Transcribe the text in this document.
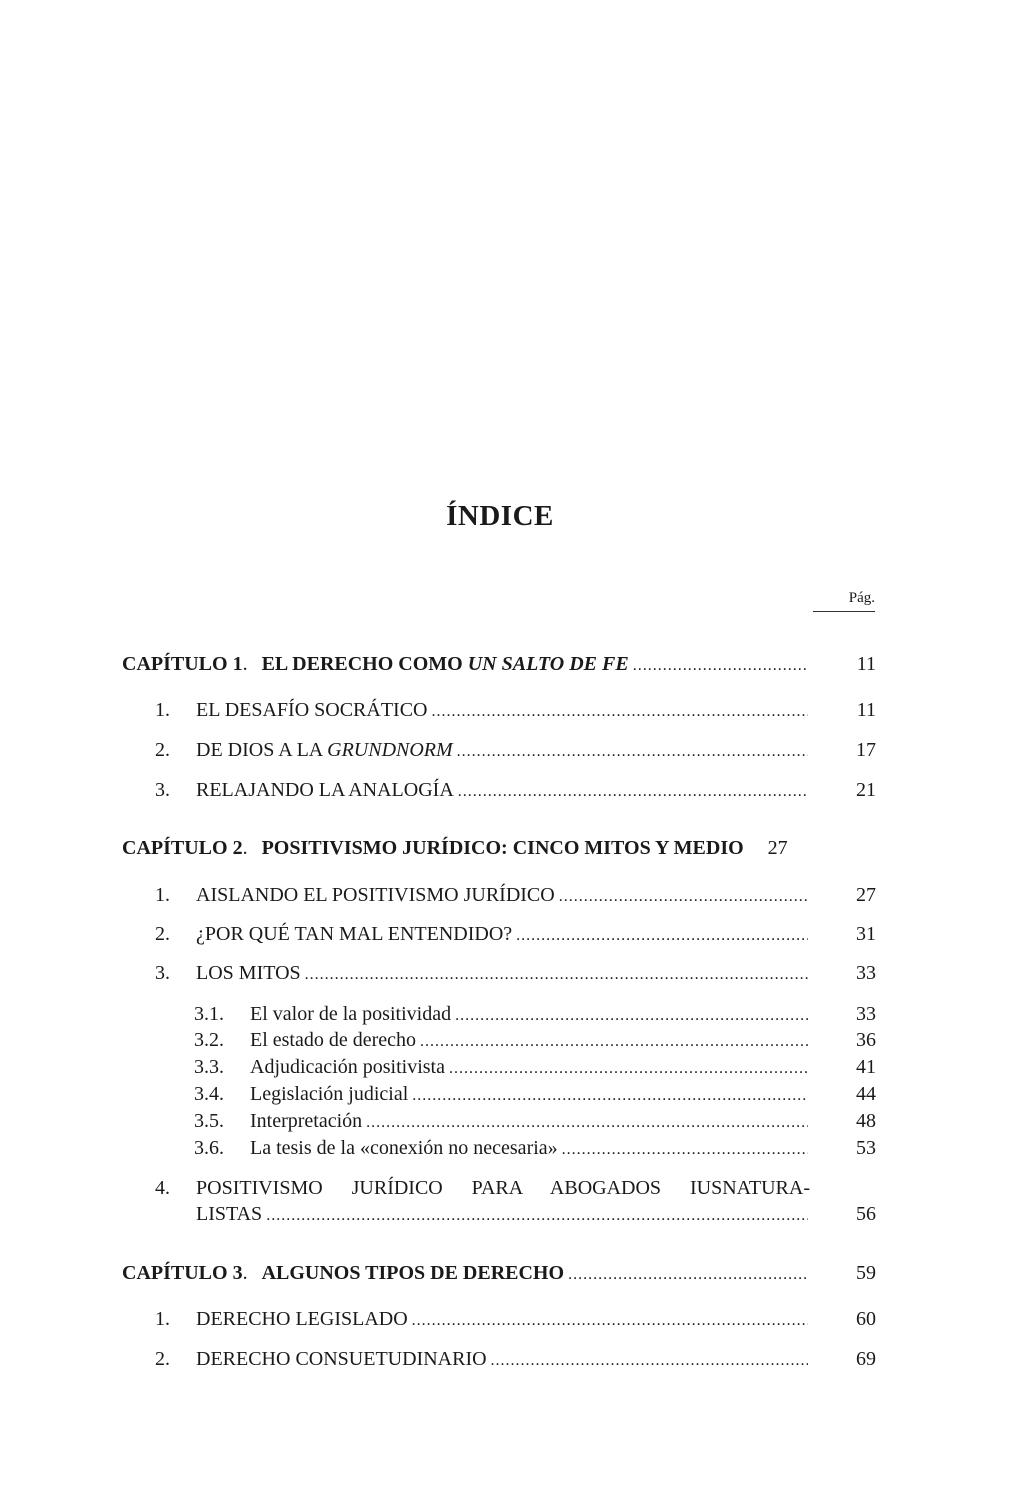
ÍNDICE
Pág.
CAPÍTULO 1 . EL DERECHO COMO UN SALTO DE FE .....	11
1.	EL DESAFÍO SOCRÁTICO .....	11
2.	DE DIOS A LA GRUNDNORM .....	17
3.	RELAJANDO LA ANALOGÍA .....	21
CAPÍTULO 2 . POSITIVISMO JURÍDICO: CINCO MITOS Y MEDIO 27
1.	AISLANDO EL POSITIVISMO JURÍDICO .....	27
2.	¿POR QUÉ TAN MAL ENTENDIDO? .....	31
3.	LOS MITOS .....	33
3.1.	El valor de la positividad .....	33
3.2.	El estado de derecho .....	36
3.3.	Adjudicación positivista .....	41
3.4.	Legislación judicial .....	44
3.5.	Interpretación .....	48
3.6.	La tesis de la «conexión no necesaria» .....	53
4.	POSITIVISMO JURÍDICO PARA ABOGADOS IUSNATURA-
LISTAS .....	56
CAPÍTULO 3 . ALGUNOS TIPOS DE DERECHO .....	59
1.	DERECHO LEGISLADO .....	60
2.	DERECHO CONSUETUDINARIO .....	69
